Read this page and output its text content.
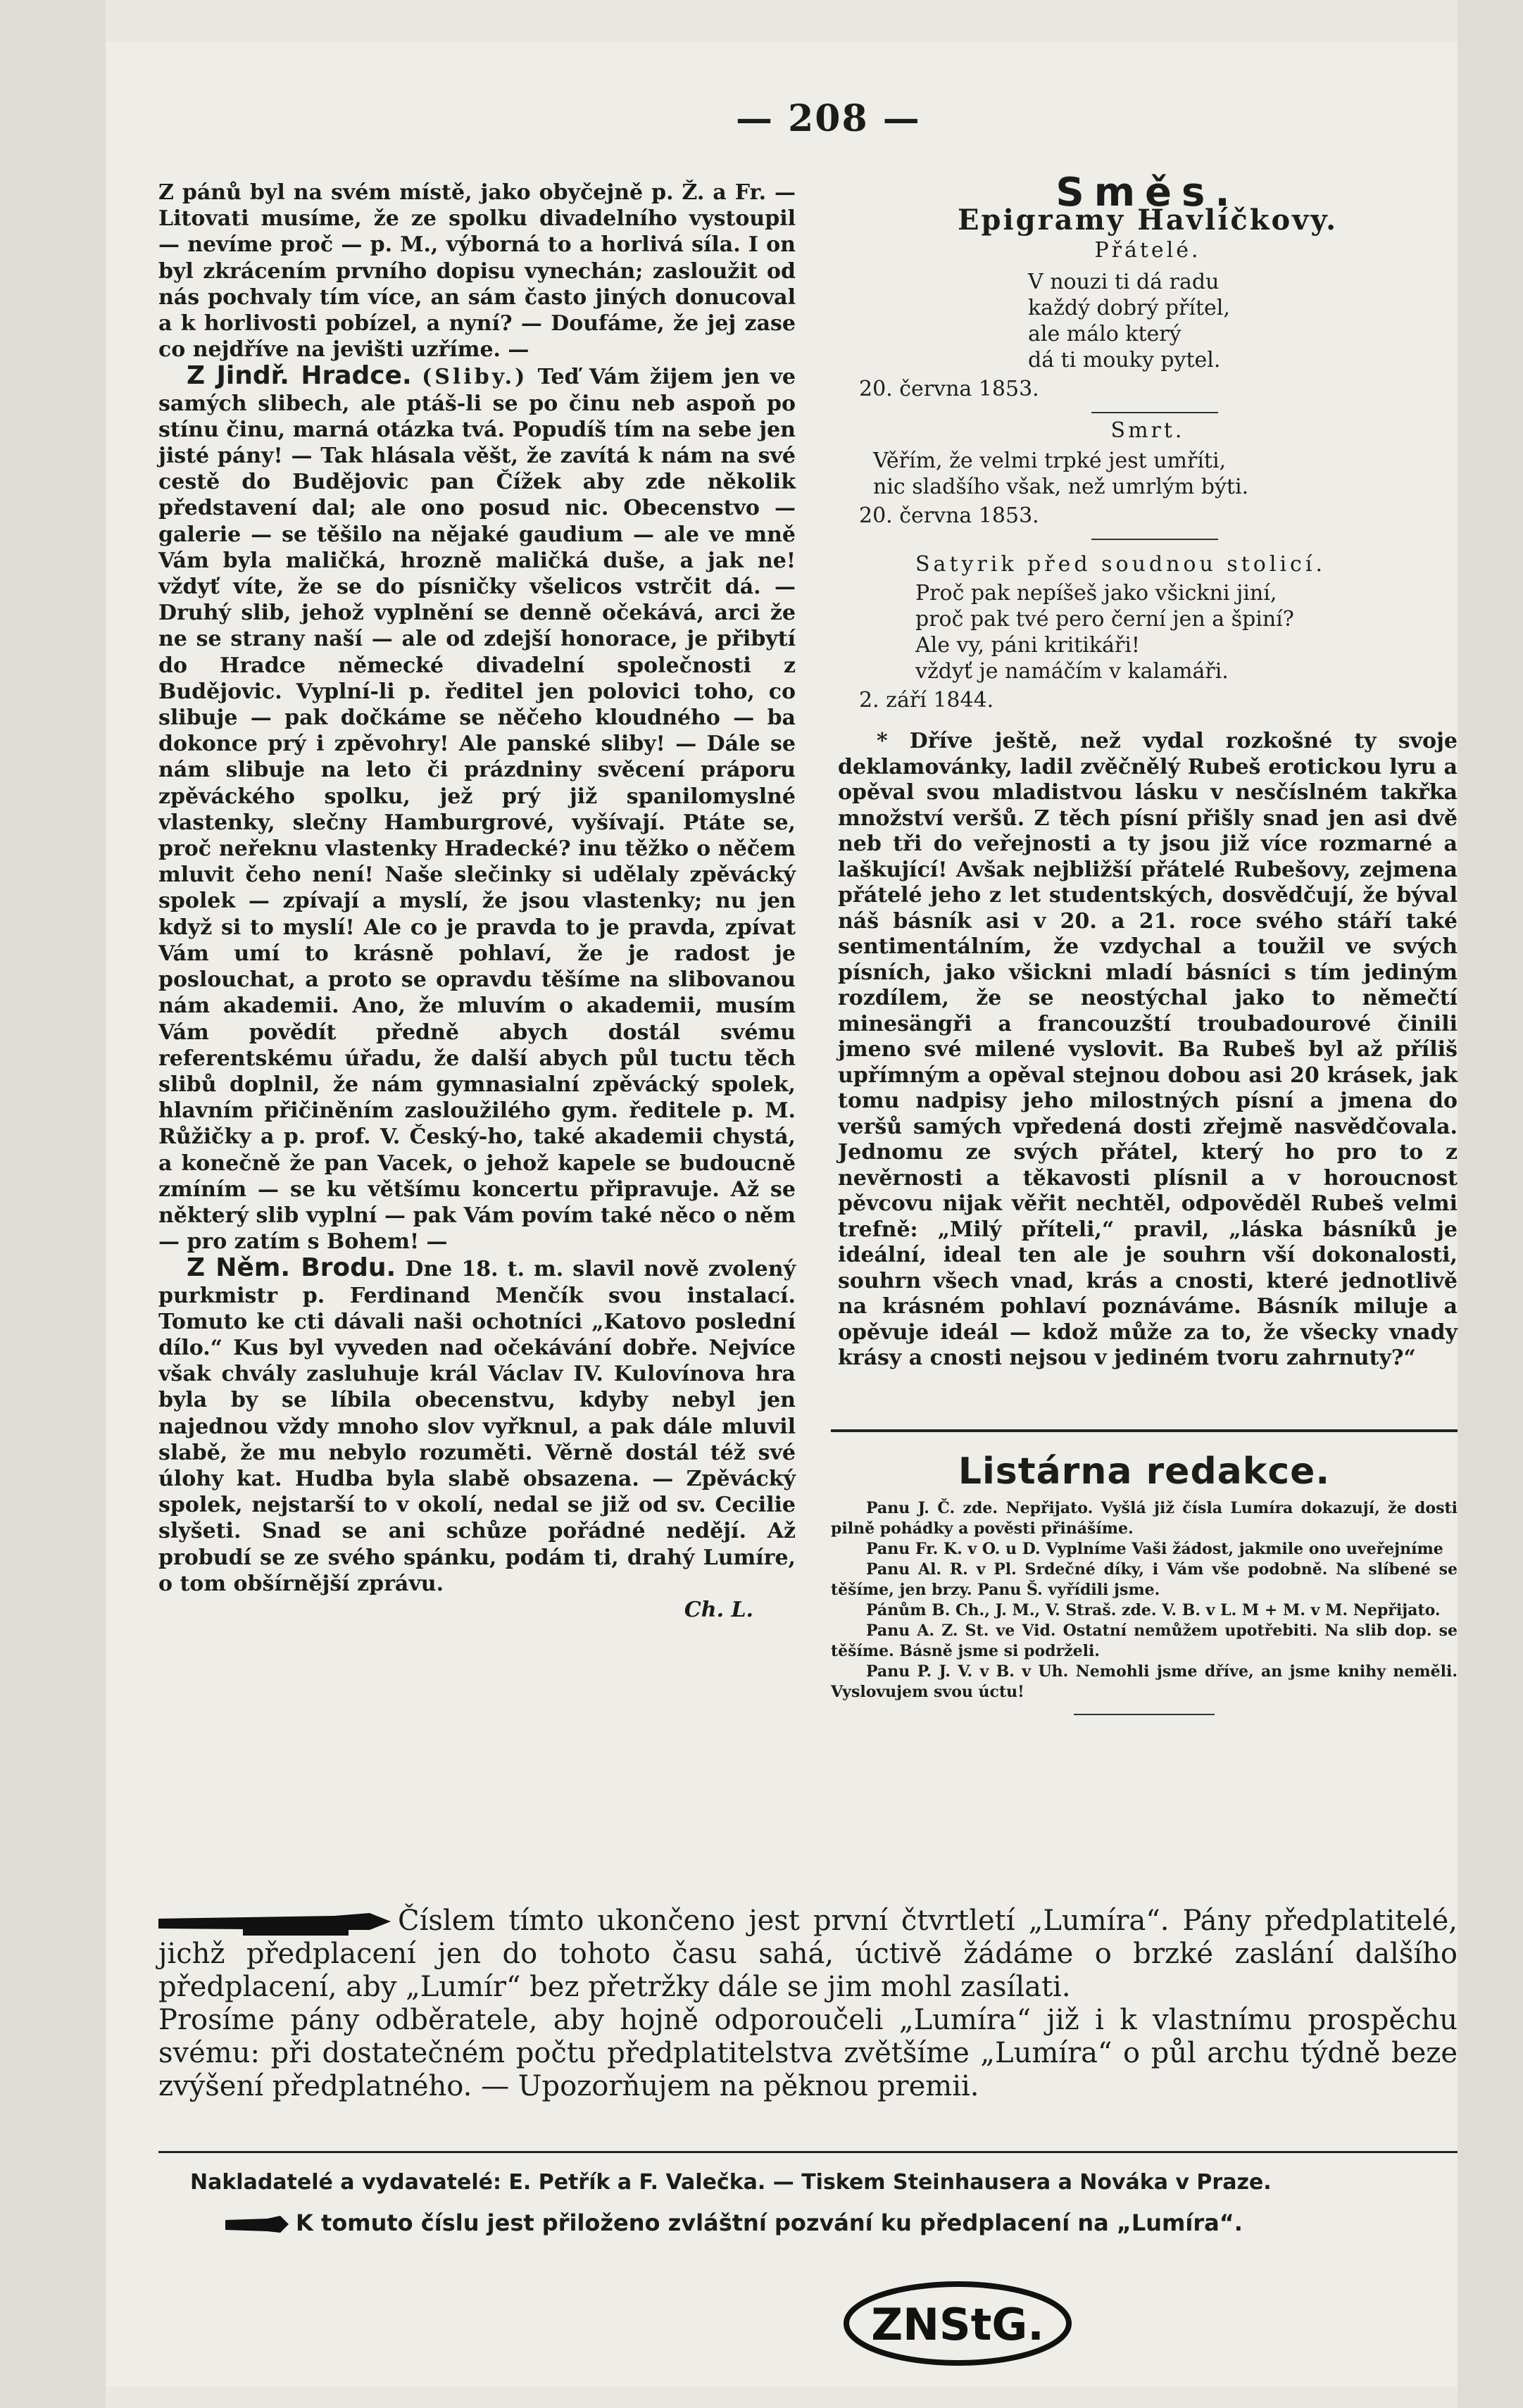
— 208 —

Z pánů byl na svém místě, jako obyčejně p. Ž. a Fr. — Litovati musíme, že ze spolku divadelního vystoupil — nevíme proč — p. M., výborná to a horlivá síla. I on byl zkrácením prvního dopisu vynechán; zasloužit od nás pochvaly tím více, an sám často jiných donucoval a k horlivosti pobízel, a nyní? — Doufáme, že jej zase co nejdříve na jevišti uzříme. —

Z Jindř. Hradce. (Sliby.) Teď Vám žijem jen ve samých slibech, ale ptáš-li se po činu neb aspoň po stínu činu, marná otázka tvá. Popudíš tím na sebe jen jisté pány! — Tak hlásala věšt, že zavítá k nám na své cestě do Budějovic pan Čížek aby zde několik představení dal; ale ono posud nic. Obecenstvo — galerie — se těšilo na nějaké gaudium — ale ve mně Vám byla maličká, hrozně maličká duše, a jak ne! vždyť víte, že se do písničky všelicos vstrčit dá. — Druhý slib, jehož vyplnění se denně očekává, arci že ne se strany naší — ale od zdejší honorace, je přibytí do Hradce německé divadelní společnosti z Budějovic. Vyplní-li p. ředitel jen polovici toho, co slibuje — pak dočkáme se něčeho kloudného — ba dokonce prý i zpěvohry! Ale panské sliby! — Dále se nám slibuje na leto či prázdniny svěcení práporu zpěváckého spolku, jež prý již spanilomyslné vlastenky, slečny Hamburgrové, vyšívají. Ptáte se, proč neřeknu vlastenky Hradecké? inu těžko o něčem mluvit čeho není! Naše slečinky si udělaly zpěvácký spolek — zpívají a myslí, že jsou vlastenky; nu jen když si to myslí! Ale co je pravda to je pravda, zpívat Vám umí to krásně pohlaví, že je radost je poslouchat, a proto se opravdu těšíme na slibovanou nám akademii. Ano, že mluvím o akademii, musím Vám povědít předně abych dostál svému referentskému úřadu, že další abych půl tuctu těch slibů doplnil, že nám gymnasialní zpěvácký spolek, hlavním přičiněním zasloužilého gym. ředitele p. M. Růžičky a p. prof. V. Český-ho, také akademii chystá, a konečně že pan Vacek, o jehož kapele se budoucně zmíním — se ku většímu koncertu připravuje. Až se některý slib vyplní — pak Vám povím také něco o něm — pro zatím s Bohem! —

Z Něm. Brodu. Dne 18. t. m. slavil nově zvolený purkmistr p. Ferdinand Menčík svou instalací. Tomuto ke cti dávali naši ochotníci „Katovo poslední dílo.“ Kus byl vyveden nad očekávání dobře. Nejvíce však chvály zasluhuje král Václav IV. Kulovínova hra byla by se líbila obecenstvu, kdyby nebyl jen najednou vždy mnoho slov vyřknul, a pak dále mluvil slabě, že mu nebylo rozuměti. Věrně dostál též své úlohy kat. Hudba byla slabě obsazena. — Zpěvácký spolek, nejstarší to v okolí, nedal se již od sv. Cecilie slyšeti. Snad se ani schůze pořádné nedějí. Až probudí se ze svého spánku, podám ti, drahý Lumíre, o tom obšírnější zprávu.
Ch. L.

Směs.
Epigramy Havlíčkovy.
Přátelé.
V nouzi ti dá radu
každý dobrý přítel,
ale málo který
dá ti mouky pytel.
20. června 1853.
Smrt.
Věřím, že velmi trpké jest umříti,
nic sladšího však, než umrlým býti.
20. června 1853.
Satyrik před soudnou stolicí.
Proč pak nepíšeš jako všickni jiní,
proč pak tvé pero černí jen a špiní?
Ale vy, páni kritikáři!
vždyť je namáčím v kalamáři.
2. září 1844.

* Dříve ještě, než vydal rozkošné ty svoje deklamovánky, ladil zvěčnělý Rubeš erotickou lyru a opěval svou mladistvou lásku v nesčíslném takřka množství veršů. Z těch písní přišly snad jen asi dvě neb tři do veřejnosti a ty jsou již více rozmarné a laškující! Avšak nejbližší přátelé Rubešovy, zejmena přátelé jeho z let studentských, dosvědčují, že býval náš básník asi v 20. a 21. roce svého stáří také sentimentálním, že vzdychal a toužil ve svých písních, jako všickni mladí básníci s tím jediným rozdílem, že se neostýchal jako to němečtí minesängři a francouzští troubadourové činili jmeno své milené vyslovit. Ba Rubeš byl až příliš upřímným a opěval stejnou dobou asi 20 krásek, jak tomu nadpisy jeho milostných písní a jmena do veršů samých vpředená dosti zřejmě nasvědčovala. Jednomu ze svých přátel, který ho pro to z nevěrnosti a těkavosti plísnil a v horoucnost pěvcovu nijak věřit nechtěl, odpověděl Rubeš velmi trefně: „Milý příteli,“ pravil, „láska básníků je ideální, ideal ten ale je souhrn vší dokonalosti, souhrn všech vnad, krás a cnosti, které jednotlivě na krásném pohlaví poznáváme. Básník miluje a opěvuje ideál — kdož může za to, že všecky vnady krásy a cnosti nejsou v jediném tvoru zahrnuty?“

Listárna redakce.

Panu J. Č. zde. Nepřijato. Vyšlá již čísla Lumíra dokazují, že dosti pilně pohádky a pověsti přinášíme.

Panu Fr. K. v O. u D. Vyplníme Vaši žádost, jakmile ono uveřejníme

Panu Al. R. v Pl. Srdečné díky, i Vám vše podobně. Na slíbené se těšíme, jen brzy. Panu Š. vyřídili jsme.

Pánům B. Ch., J. M., V. Straš. zde. V. B. v L. M + M. v M. Nepřijato.

Panu A. Z. St. ve Vid. Ostatní nemůžem upotřebiti. Na slib dop. se těšíme. Básně jsme si podrželi.

Panu P. J. V. v B. v Uh. Nemohli jsme dříve, an jsme knihy neměli. Vyslovujem svou úctu!

Číslem tímto ukončeno jest první čtvrtletí „Lumíra“. Pány předplatitelé, jichž předplacení jen do tohoto času sahá, úctivě žádáme o brzké zaslání dalšího předplacení, aby „Lumír“ bez přetržky dále se jim mohl zasílati.

Prosíme pány odběratele, aby hojně odporoučeli „Lumíra“ již i k vlastnímu prospěchu svému: při dostatečném počtu předplatitelstva zvětšíme „Lumíra“ o půl archu týdně beze zvýšení předplatného. — Upozorňujem na pěknou premii.

Nakladatelé a vydavatelé: E. Petřík a F. Valečka. — Tiskem Steinhausera a Nováka v Praze.
K tomuto číslu jest přiloženo zvláštní pozvání ku předplacení na „Lumíra“.
ZNStG.
